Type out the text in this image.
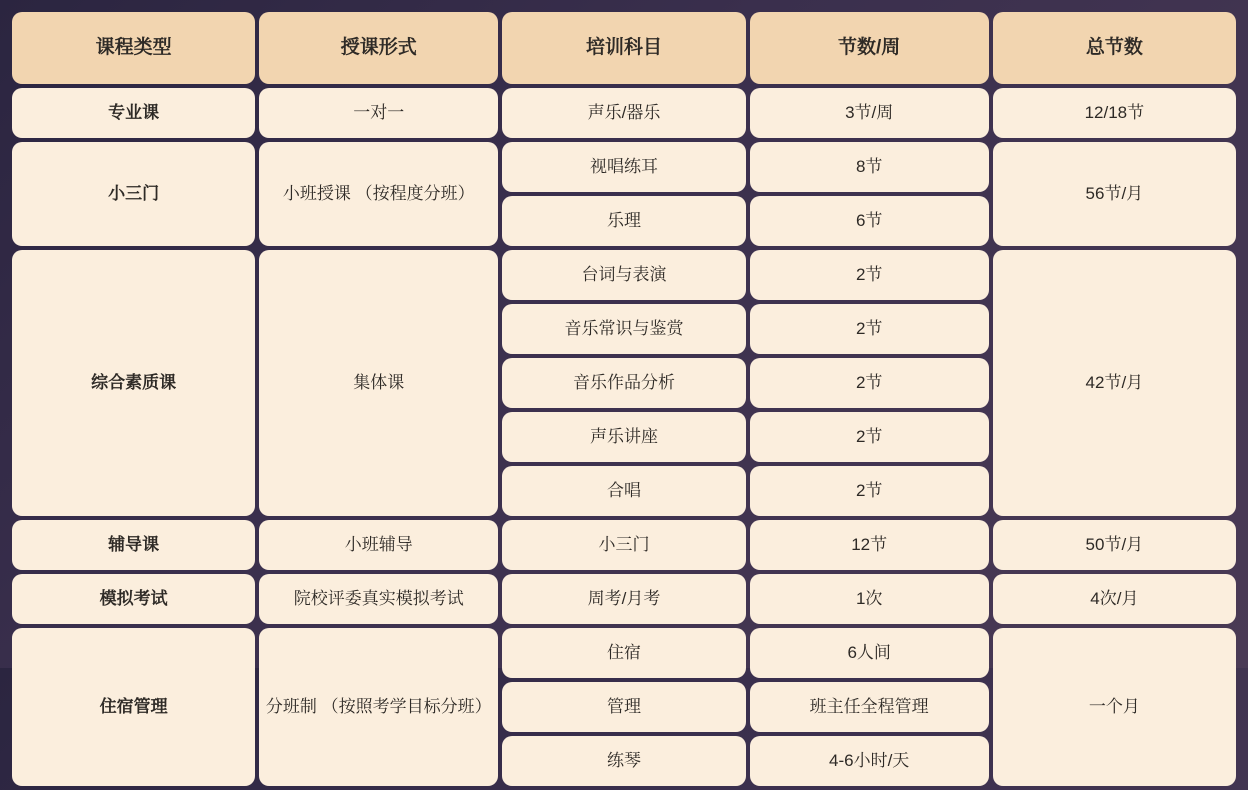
课程类型	授课形式	培训科目	节数/周	总节数
专业课	一对一	声乐/器乐	3节/周	12/18节
小三门	小班授课 （按程度分班）	视唱练耳	8节	56节/月
		乐理	6节	
综合素质课	集体课	台词与表演	2节	42节/月
		音乐常识与鉴赏	2节	
		音乐作品分析	2节	
		声乐讲座	2节	
		合唱	2节	
辅导课	小班辅导	小三门	12节	50节/月
模拟考试	院校评委真实模拟考试	周考/月考	1次	4次/月
住宿管理	分班制 （按照考学目标分班）	住宿	6人间	一个月
		管理	班主任全程管理	
		练琴	4-6小时/天	
